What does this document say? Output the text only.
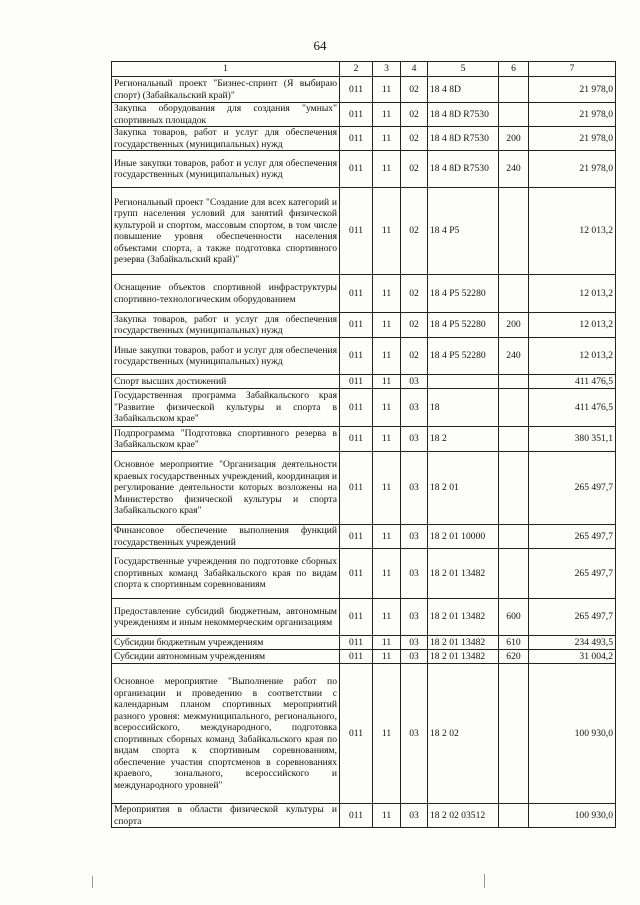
64
1	2	3	4	5	6	7
Региональный проект "Бизнес-спринт (Я выбираю спорт) (Забайкальский край)"	011	11	02	18 4 8D		21 978,0
Закупка оборудования для создания "умных" спортивных площадок	011	11	02	18 4 8D R7530		21 978,0
Закупка товаров, работ и услуг для обеспечения государственных (муниципальных) нужд	011	11	02	18 4 8D R7530	200	21 978,0
Иные закупки товаров, работ и услуг для обеспечения государственных (муниципальных) нужд	011	11	02	18 4 8D R7530	240	21 978,0
Региональный проект "Создание для всех категорий и групп населения условий для занятий физической культурой и спортом, массовым спортом, в том числе повышение уровня обеспеченности населения объектами спорта, а также подготовка спортивного резерва (Забайкальский край)"	011	11	02	18 4 P5		12 013,2
Оснащение объектов спортивной инфраструктуры спортивно-технологическим оборудованием	011	11	02	18 4 P5 52280		12 013,2
Закупка товаров, работ и услуг для обеспечения государственных (муниципальных) нужд	011	11	02	18 4 P5 52280	200	12 013,2
Иные закупки товаров, работ и услуг для обеспечения государственных (муниципальных) нужд	011	11	02	18 4 P5 52280	240	12 013,2
Спорт высших достижений	011	11	03			411 476,5
Государственная программа Забайкальского края "Развитие физической культуры и спорта в Забайкальском крае"	011	11	03	18		411 476,5
Подпрограмма "Подготовка спортивного резерва в Забайкальском крае"	011	11	03	18 2		380 351,1
Основное мероприятие "Организация деятельности краевых государственных учреждений, координация и регулирование деятельности которых возложены на Министерство физической культуры и спорта Забайкальского края"	011	11	03	18 2 01		265 497,7
Финансовое обеспечение выполнения функций государственных учреждений	011	11	03	18 2 01 10000		265 497,7
Государственные учреждения по подготовке сборных спортивных команд Забайкальского края по видам спорта к спортивным соревнованиям	011	11	03	18 2 01 13482		265 497,7
Предоставление субсидий бюджетным, автономным учреждениям и иным некоммерческим организациям	011	11	03	18 2 01 13482	600	265 497,7
Субсидии бюджетным учреждениям	011	11	03	18 2 01 13482	610	234 493,5
Субсидии автономным учреждениям	011	11	03	18 2 01 13482	620	31 004,2
Основное мероприятие "Выполнение работ по организации и проведению в соответствии с календарным планом спортивных мероприятий разного уровня: межмуниципального, регионального, всероссийского, международного, подготовка спортивных сборных команд Забайкальского края по видам спорта к спортивным соревнованиям, обеспечение участия спортсменов в соревнованиях краевого, зонального, всероссийского и международного уровней"	011	11	03	18 2 02		100 930,0
Мероприятия в области физической культуры и спорта	011	11	03	18 2 02 03512		100 930,0
